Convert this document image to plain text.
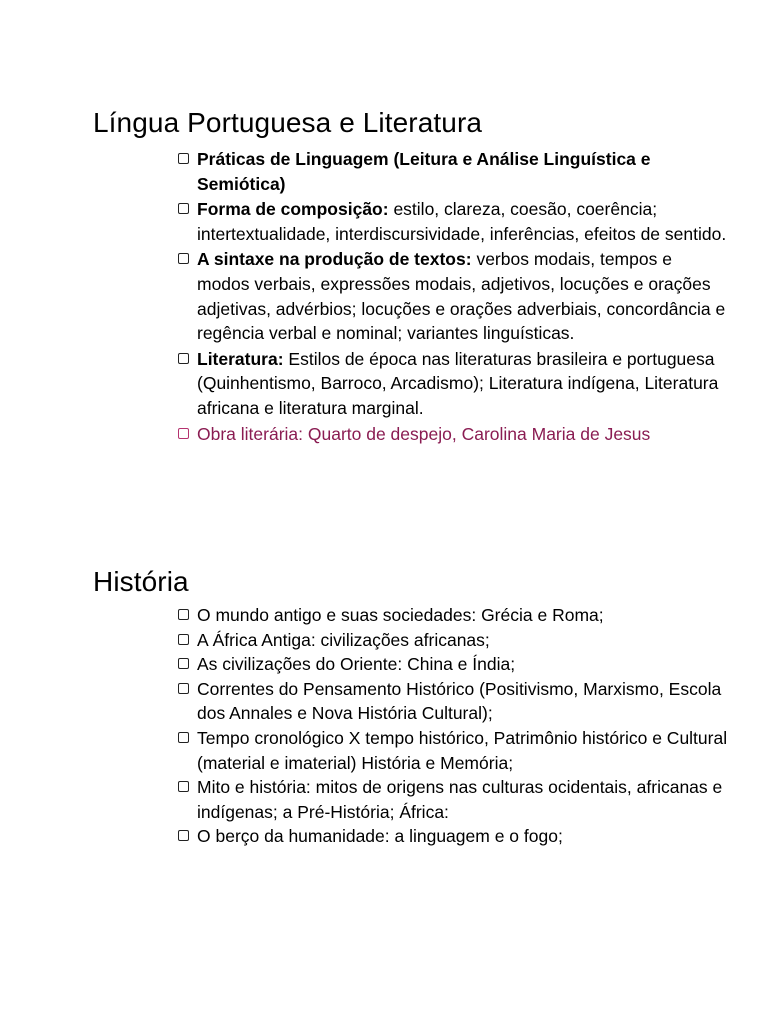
Língua Portuguesa e Literatura
Práticas de Linguagem (Leitura e Análise Linguística e Semiótica)
Forma de composição: estilo, clareza, coesão, coerência; intertextualidade, interdiscursividade, inferências, efeitos de sentido.
A sintaxe na produção de textos: verbos modais, tempos e modos verbais, expressões modais, adjetivos, locuções e orações adjetivas, advérbios; locuções e orações adverbiais, concordância e regência verbal e nominal; variantes linguísticas.
Literatura: Estilos de época nas literaturas brasileira e portuguesa (Quinhentismo, Barroco, Arcadismo); Literatura indígena, Literatura africana e literatura marginal.
Obra literária: Quarto de despejo, Carolina Maria de Jesus
História
O mundo antigo e suas sociedades: Grécia e Roma;
A África Antiga: civilizações africanas;
As civilizações do Oriente: China e Índia;
Correntes do Pensamento Histórico (Positivismo, Marxismo, Escola dos Annales e Nova História Cultural);
Tempo cronológico X tempo histórico, Patrimônio histórico e Cultural (material e imaterial) História e Memória;
Mito e história: mitos de origens nas culturas ocidentais, africanas e indígenas; a Pré-História; África:
O berço da humanidade: a linguagem e o fogo;
